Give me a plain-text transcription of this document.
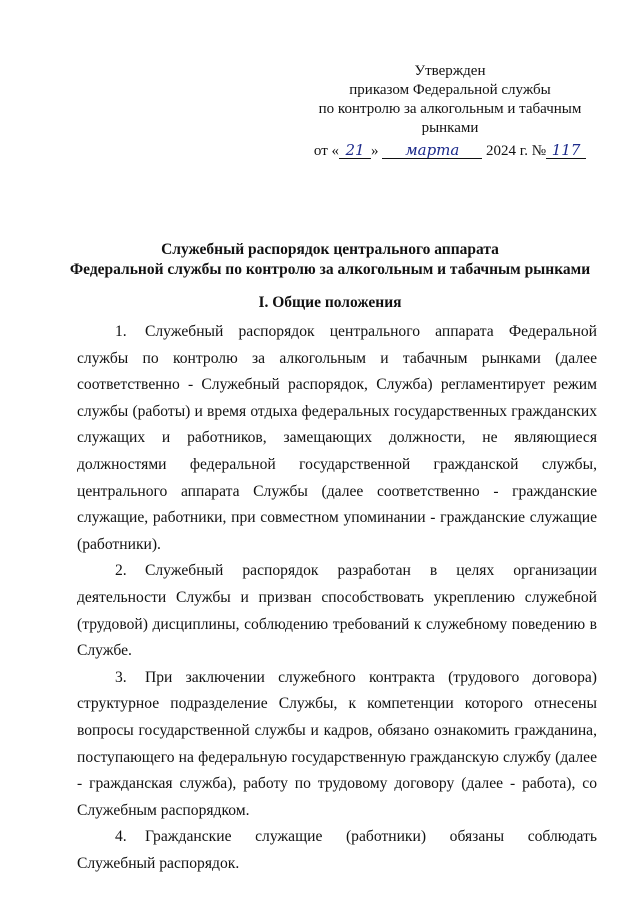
Утвержден
приказом Федеральной службы
по контролю за алкогольным и табачным
рынками
от « 21 » марта 2024 г. № 117
Служебный распорядок центрального аппарата
Федеральной службы по контролю за алкогольным и табачным рынками
I. Общие положения

1. Служебный распорядок центрального аппарата Федеральной службы по контролю за алкогольным и табачным рынками (далее соответственно - Служебный распорядок, Служба) регламентирует режим службы (работы) и время отдыха федеральных государственных гражданских служащих и работников, замещающих должности, не являющиеся должностями федеральной государственной гражданской службы, центрального аппарата Службы (далее соответственно - гражданские служащие, работники, при совместном упоминании - гражданские служащие (работники).

2. Служебный распорядок разработан в целях организации деятельности Службы и призван способствовать укреплению служебной (трудовой) дисциплины, соблюдению требований к служебному поведению в Службе.

3. При заключении служебного контракта (трудового договора) структурное подразделение Службы, к компетенции которого отнесены вопросы государственной службы и кадров, обязано ознакомить гражданина, поступающего на федеральную государственную гражданскую службу (далее - гражданская служба), работу по трудовому договору (далее - работа), со Служебным распорядком.

4. Гражданские служащие (работники) обязаны соблюдать Служебный распорядок.
